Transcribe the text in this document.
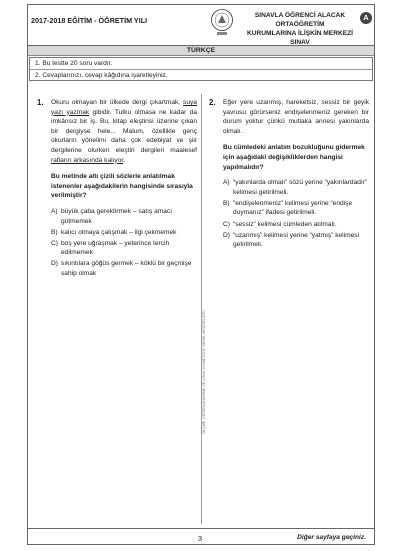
2017-2018 EĞİTİM - ÖĞRETİM YILI
SINAVLA ÖĞRENCİ ALACAK ORTAÖĞRETİM
KURUMLARINA İLİŞKİN MERKEZİ SINAV
A
TÜRKÇE
1. Bu testte 20 soru vardır.
2. Cevaplarınızı, cevap kâğıdına işaretleyiniz.
1. Okuru olmayan bir ülkede dergi çıkartmak, suya yazı yazmak gibidir. Tutku olmasa ne kadar da imkânsız bir iş. Bu, kitap eleştirisi üzerine çıkan bir dergiyse hele... Malum, özellikle genç okurların yönelimi daha çok edebiyat ve şiir dergilerine olurken eleştiri dergileri maalesef rafların arkasında kalıyor.

Bu metinde altı çizili sözlerle anlatılmak istenenler aşağıdakilerin hangisinde sırasıyla verilmiştir?

A) büyük çaba gerektirmek – satış amacı gütmemek
B) kalıcı olmaya çalışmak – ilgi çekmemek
C) boş yere uğraşmak – yeterince tercih edilmemek
D) sıkıntılara göğüs germek – köklü bir geçmişe sahip olmak
ÖLÇME, DEĞERLENDİRME VE SINAV HİZMETLERİ GENEL MÜDÜRLÜĞÜ
2. Eğer yere uzanmış, hareketsiz, sessiz bir geyik yavrusu görürseniz endişelenmeniz gereken bir durum yoktur çünkü mutlaka annesi yakınlarda olmalı.

Bu cümledeki anlatım bozukluğunu gidermek için aşağıdaki değişikliklerden hangisi yapılmalıdır?

A) “yakınlarda olmalı” sözü yerine “yakınlardadır” kelimesi getirilmeli.
B) “endişelenmeniz” kelimesi yerine “endişe duymanız” ifadesi getirilmeli.
C) “sessiz” kelimesi cümleden atılmalı.
D) “uzanmış” kelimesi yerine “yatmış” kelimesi getirilmeli.
3	Diğer sayfaya geçiniz.
